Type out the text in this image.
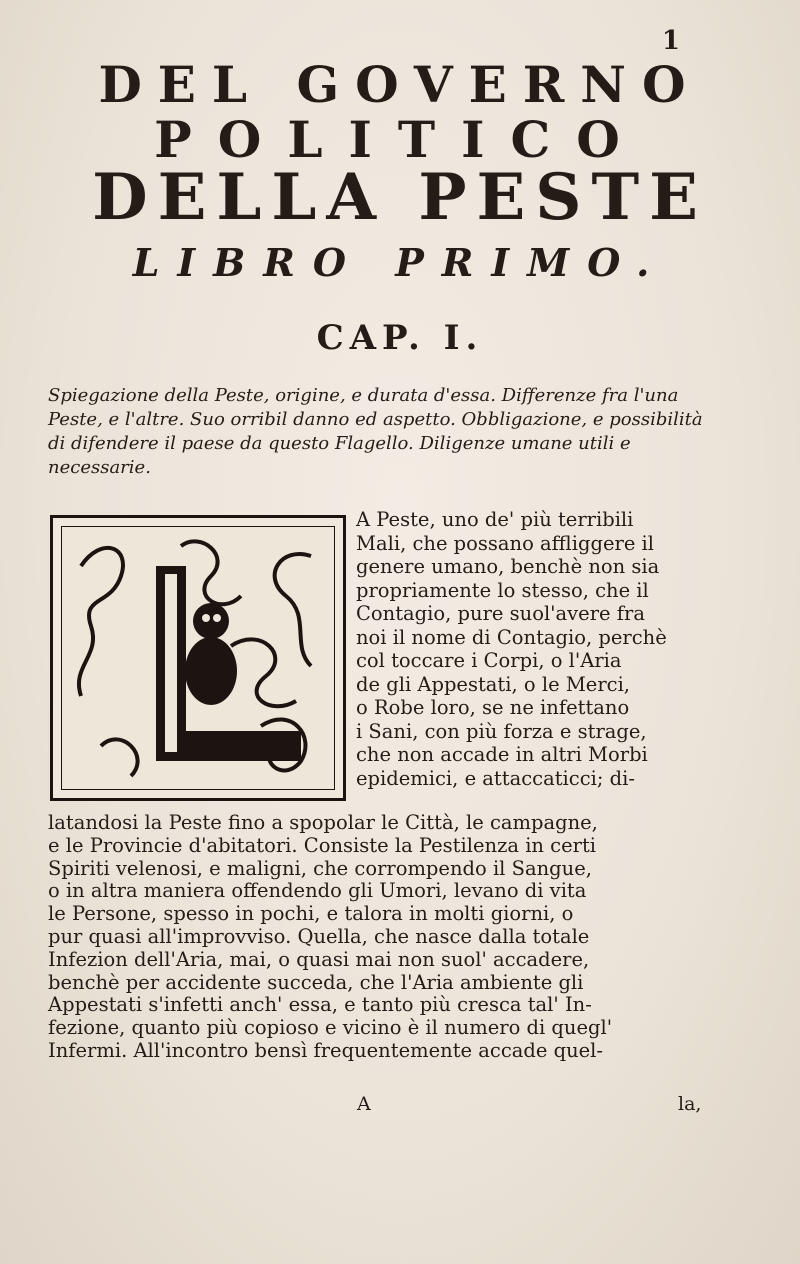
1
DEL GOVERNO
POLITICO
DELLA PESTE
LIBRO PRIMO.
CAP. I.
Spiegazione della Peste, origine, e durata d'essa. Differenze fra l'una Peste, e l'altre. Suo orribil danno ed aspetto. Obbligazione, e possibilità di difendere il paese da questo Flagello. Diligenze umane utili e necessarie.
A Peste, uno de' più terribili
Mali, che possano affliggere il
genere umano, benchè non sia
propriamente lo stesso, che il
Contagio, pure suol'avere fra
noi il nome di Contagio, perchè
col toccare i Corpi, o l'Aria
de gli Appestati, o le Merci,
o Robe loro, se ne infettano
i Sani, con più forza e strage,
che non accade in altri Morbi
epidemici, e attaccaticci; di-
latandosi la Peste fino a spopolar le Città, le campagne,
e le Provincie d'abitatori. Consiste la Pestilenza in certi
Spiriti velenosi, e maligni, che corrompendo il Sangue,
o in altra maniera offendendo gli Umori, levano di vita
le Persone, spesso in pochi, e talora in molti giorni, o
pur quasi all'improvviso. Quella, che nasce dalla totale
Infezion dell'Aria, mai, o quasi mai non suol' accadere,
benchè per accidente succeda, che l'Aria ambiente gli
Appestati s'infetti anch' essa, e tanto più cresca tal' In-
fezione, quanto più copioso e vicino è il numero di quegl'
Infermi. All'incontro bensì frequentemente accade quel-
A	la,
